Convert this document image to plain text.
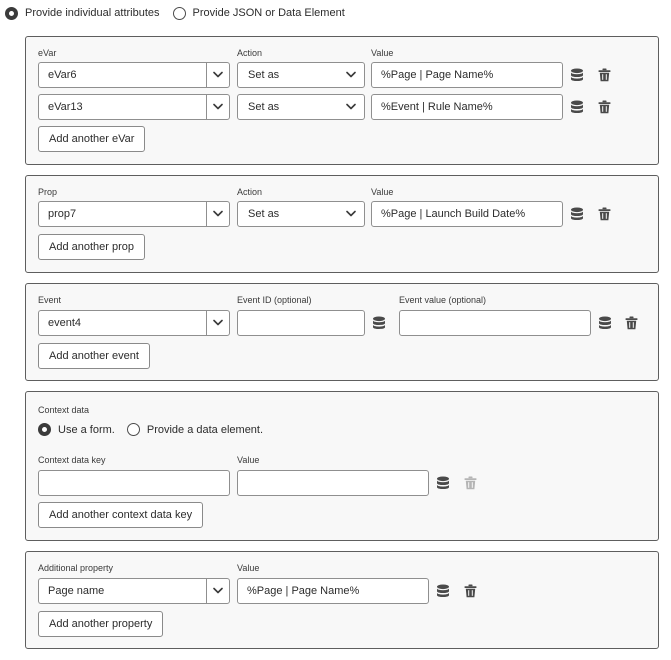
Provide individual attributes	Provide JSON or Data Element
eVar	Action	Value
eVar6	Set as	%Page | Page Name%
eVar13	Set as	%Event | Rule Name%
Add another eVar
Prop	Action	Value
prop7	Set as	%Page | Launch Build Date%
Add another prop
Event	Event ID (optional)	Event value (optional)
event4
Add another event
Context data
Use a form.	Provide a data element.
Context data key	Value
Add another context data key
Additional property	Value
Page name	%Page | Page Name%
Add another property
